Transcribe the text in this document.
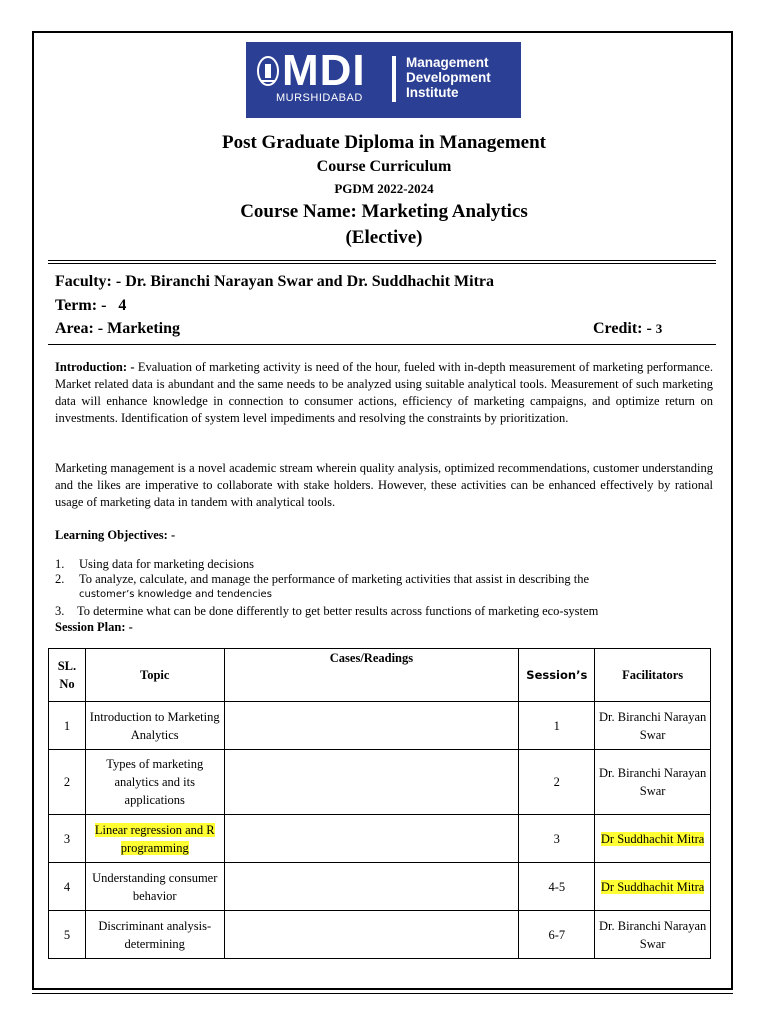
MDI
MURSHIDABAD
Management
Development
Institute
Post Graduate Diploma in Management
Course Curriculum
PGDM 2022-2024
Course Name: Marketing Analytics
(Elective)
Faculty: - Dr. Biranchi Narayan Swar and Dr. Suddhachit Mitra
Term: - 4
Area: - Marketing	Credit: - 3

Introduction: - Evaluation of marketing activity is need of the hour, fueled with in-depth measurement of marketing performance. Market related data is abundant and the same needs to be analyzed using suitable analytical tools. Measurement of such marketing data will enhance knowledge in connection to consumer actions, efficiency of marketing campaigns, and optimize return on investments. Identification of system level impediments and resolving the constraints by prioritization.

Marketing management is a novel academic stream wherein quality analysis, optimized recommendations, customer understanding and the likes are imperative to collaborate with stake holders. However, these activities can be enhanced effectively by rational usage of marketing data in tandem with analytical tools.

Learning Objectives: -
1. Using data for marketing decisions
2. To analyze, calculate, and manage the performance of marketing activities that assist in describing the
customer’s knowledge and tendencies
3. To determine what can be done differently to get better results across functions of marketing eco-system
Session Plan: -
SL. No	Topic	Cases/Readings	Session’s	Facilitators
1	Introduction to Marketing Analytics		1	Dr. Biranchi Narayan Swar
2	Types of marketing analytics and its applications		2	Dr. Biranchi Narayan Swar
3	Linear regression and R programming		3	Dr Suddhachit Mitra
4	Understanding consumer behavior		4-5	Dr Suddhachit Mitra
5	Discriminant analysis-determining		6-7	Dr. Biranchi Narayan Swar
